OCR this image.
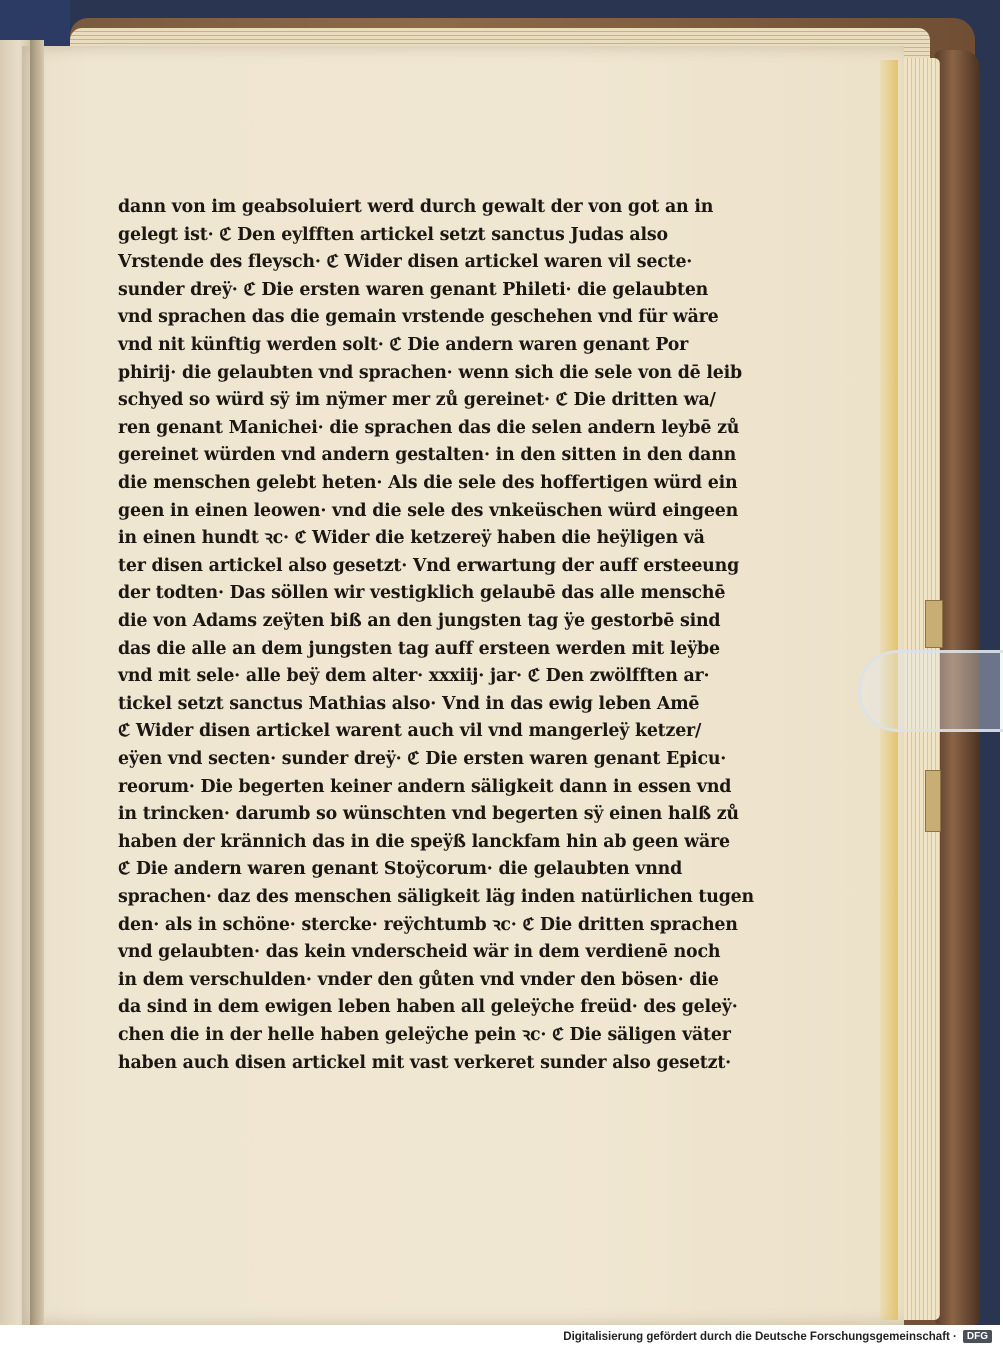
dann von im geabsoluiert werd durch gewalt der von got an in
gelegt ist· ℭ Den eylfften artickel setzt sanctus Judas also
Vrstende des fleysch· ℭ Wider disen artickel waren vil secte·
sunder dreÿ· ℭ Die ersten waren genant Phileti· die gelaubten
vnd sprachen das die gemain vrstende geschehen vnd für wäre
vnd nit künftig werden solt· ℭ Die andern waren genant Por
phirij· die gelaubten vnd sprachen· wenn sich die sele von dē leib
schyed so würd sÿ im nÿmer mer zů gereinet· ℭ Die dritten wa/
ren genant Manichei· die sprachen das die selen andern leybē zů
gereinet würden vnd andern gestalten· in den sitten in den dann
die menschen gelebt heten· Als die sele des hoffertigen würd ein
geen in einen leowen· vnd die sele des vnkeüschen würd eingeen
in einen hundt ꝛc· ℭ Wider die ketzereÿ haben die heÿligen vä
ter disen artickel also gesetzt· Vnd erwartung der auff ersteeung
der todten· Das söllen wir vestigklich gelaubē das alle menschē
die von Adams zeÿten biß an den jungsten tag ÿe gestorbē sind
das die alle an dem jungsten tag auff ersteen werden mit leÿbe
vnd mit sele· alle beÿ dem alter· xxxiij· jar· ℭ Den zwölfften ar·
tickel setzt sanctus Mathias also· Vnd in das ewig leben Amē
ℭ Wider disen artickel warent auch vil vnd mangerleÿ ketzer/
eÿen vnd secten· sunder dreÿ· ℭ Die ersten waren genant Epicu·
reorum· Die begerten keiner andern säligkeit dann in essen vnd
in trincken· darumb so wünschten vnd begerten sÿ einen halß zů
haben der krännich das in die speÿß lanckfam hin ab geen wäre
ℭ Die andern waren genant Stoÿcorum· die gelaubten vnnd
sprachen· daz des menschen säligkeit läg inden natürlichen tugen
den· als in schöne· stercke· reÿchtumb ꝛc· ℭ Die dritten sprachen
vnd gelaubten· das kein vnderscheid wär in dem verdienē noch
in dem verschulden· vnder den gůten vnd vnder den bösen· die
da sind in dem ewigen leben haben all geleÿche freüd· des geleÿ·
chen die in der helle haben geleÿche pein ꝛc· ℭ Die säligen väter
haben auch disen artickel mit vast verkeret sunder also gesetzt·
Digitalisierung gefördert durch die Deutsche Forschungsgemeinschaft ·	DFG
